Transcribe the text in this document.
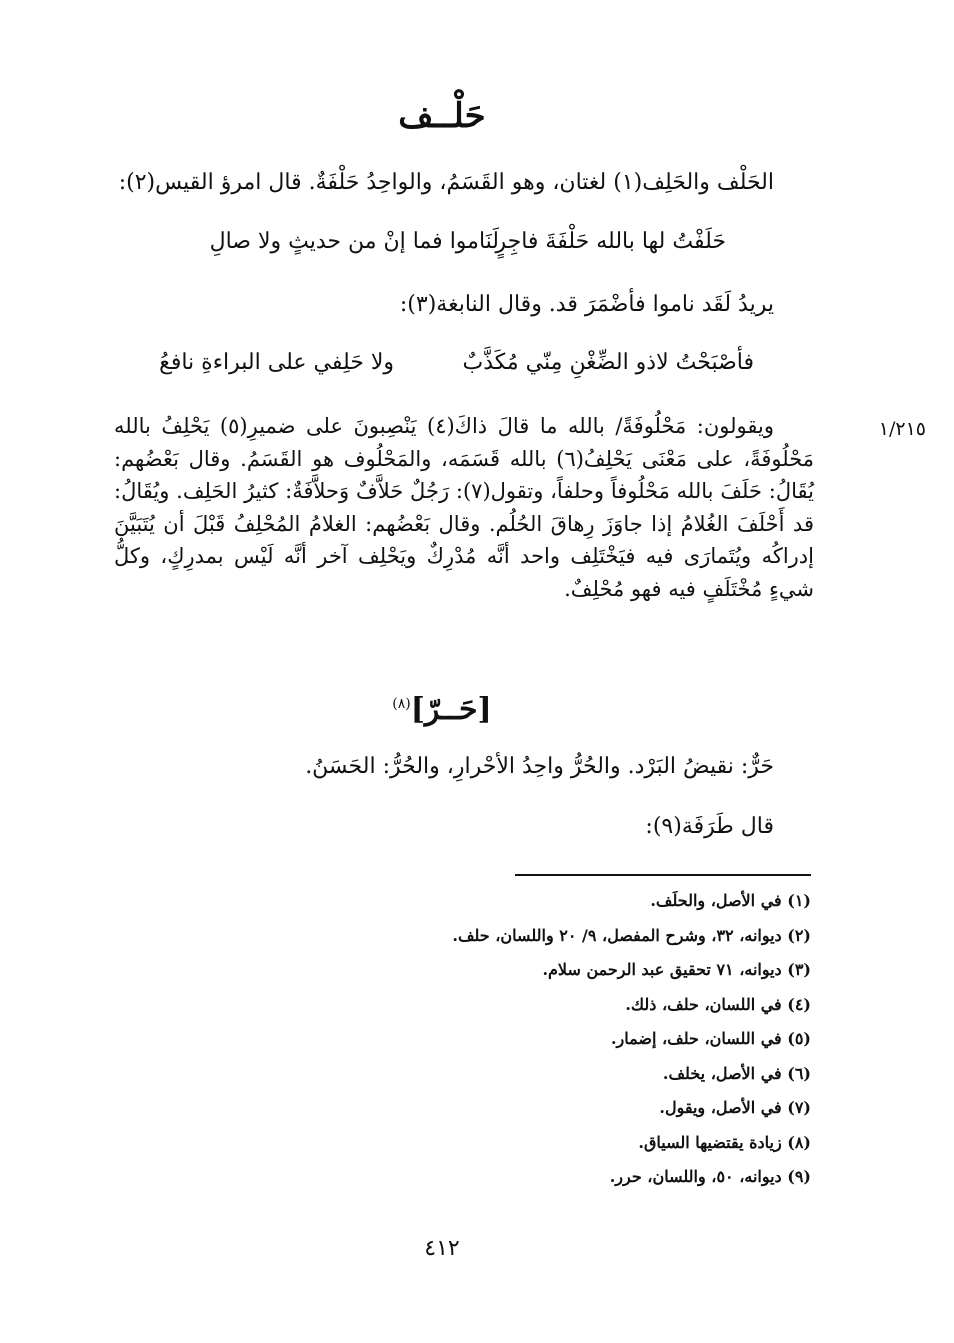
حَلْــف
الحَلْف والحَلِف(١) لغتان، وهو القَسَمُ، والواحِدُ حَلْفَةٌ. قال امرؤ القيس(٢):
حَلَفْتُ لها بالله حَلْفَةَ فاجِرٍ
لَنَاموا فما إنْ من حديثٍ ولا صالِ
يريدُ لَقَد ناموا فأضْمَرَ قد. وقال النابغة(٣):
فأصْبَحْتُ لاذو الضِّغْنِ مِنّي مُكَذَّبٌ
ولا حَلِفي على البراءةِ نافعُ
١/٢١٥
ويقولون: مَحْلُوفَةً/ بالله ما قالَ ذاكَ(٤) يَنْصِبونَ على ضميرِ(٥) يَحْلِفُ بالله مَحْلُوفَةً، على مَعْنَى يَحْلِفُ(٦) بالله قَسَمَه، والمَحْلُوف هو القَسَمُ. وقال بَعْضُهم: يُقَالُ: حَلَفَ بالله مَحْلُوفاً وحلفاً، وتقول(٧): رَجُلٌ حَلاَّفٌ وَحلاَّفَةٌ: كثيرُ الحَلِف. ويُقَالُ: قد أَحْلَفَ الغُلامُ إذا جاوَزَ رِهاقَ الحُلُم. وقال بَعْضُهم: الغلامُ المُحْلِفُ قَبْلَ أن يُتَبَيَّنَ إدراكُه ويُتَمارَى فيه فيَخْتَلِف واحد أنَّه مُدْرِكٌ ويَحْلِف آخر أنَّه لَيْس بمدرِكٍ، وكلُّ شيءٍ مُخْتَلَفٍ فيه فهو مُحْلِفٌ.
[حَــرّ]$^{(٨)}$
حَرٌّ: نقيضُ البَرْد. والحُرُّ واحِدُ الأحْرارِ، والحُرُّ: الحَسَنُ.
قال طَرَفَة(٩):
(١) في الأصل، والحلَف.
(٢) ديوانه، ٣٢، وشرح المفصل، ٩/ ٢٠ واللسان، حلف.
(٣) ديوانه، ٧١ تحقيق عبد الرحمن سلام.
(٤) في اللسان، حلف، ذلك.
(٥) في اللسان، حلف، إضمار.
(٦) في الأصل، يخلف.
(٧) في الأصل، ويقول.
(٨) زيادة يقتضيها السياق.
(٩) ديوانه، ٥٠، واللسان، حرر.
٤١٢
